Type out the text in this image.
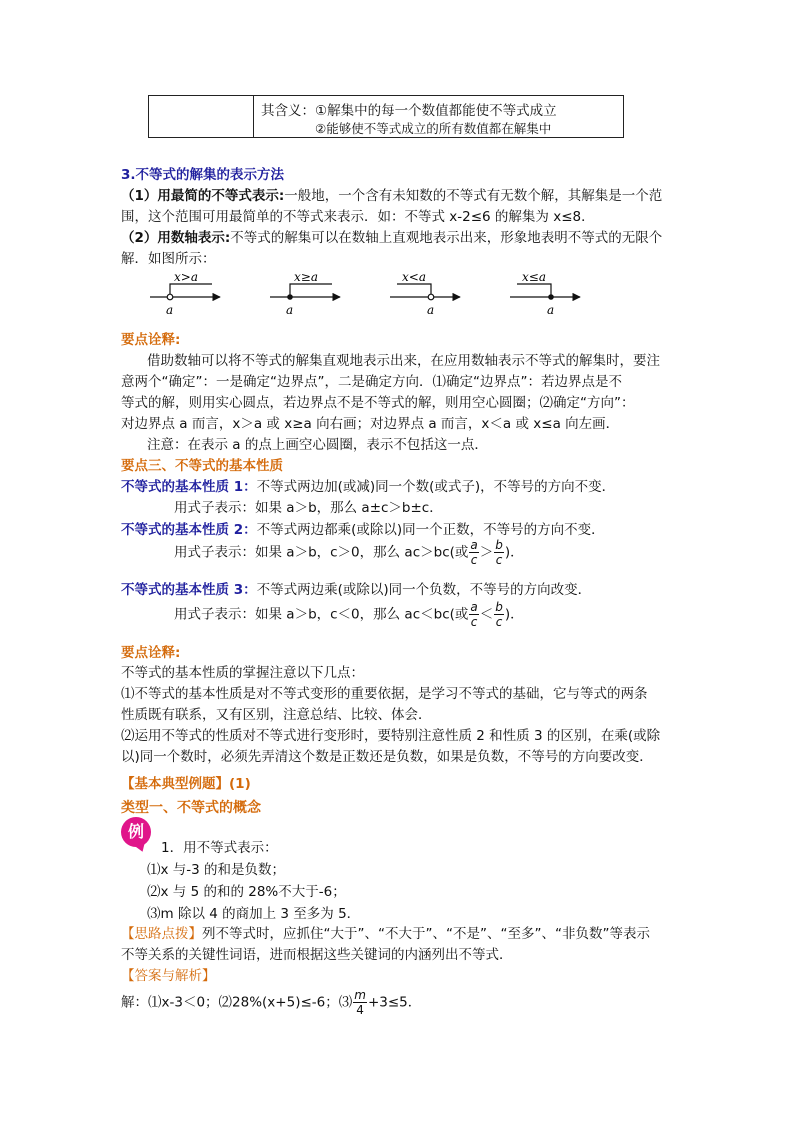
其含义：①解集中的每一个数值都能使不等式成立
②能够使不等式成立的所有数值都在解集中
3.不等式的解集的表示方法
（1）用最简的不等式表示:一般地，一个含有未知数的不等式有无数个解，其解集是一个范
围，这个范围可用最简单的不等式来表示．如：不等式 x-2≤6 的解集为 x≤8．
（2）用数轴表示:不等式的解集可以在数轴上直观地表示出来，形象地表明不等式的无限个
解．如图所示：
x>a
a
x≥a
a
x<a
a
x≤a
a
要点诠释:
借助数轴可以将不等式的解集直观地表示出来，在应用数轴表示不等式的解集时，要注
意两个“确定”：一是确定“边界点”，二是确定方向．⑴确定“边界点”：若边界点是不
等式的解，则用实心圆点，若边界点不是不等式的解，则用空心圆圈；⑵确定“方向”：
对边界点 a 而言，x＞a 或 x≥a 向右画；对边界点 a 而言，x＜a 或 x≤a 向左画．
注意：在表示 a 的点上画空心圆圈，表示不包括这一点．
要点三、不等式的基本性质
不等式的基本性质 1：不等式两边加(或减)同一个数(或式子)，不等号的方向不变．
用式子表示：如果 a＞b，那么 a±c＞b±c．
不等式的基本性质 2：不等式两边都乘(或除以)同一个正数，不等号的方向不变．
用式子表示：如果 a＞b，c＞0，那么 ac＞bc(或 $\frac{a}{c} > \frac{b}{c}$ )．
不等式的基本性质 3：不等式两边乘(或除以)同一个负数，不等号的方向改变．
用式子表示：如果 a＞b，c＜0，那么 ac＜bc(或 $\frac{a}{c} < \frac{b}{c}$ )．
要点诠释:
不等式的基本性质的掌握注意以下几点：
⑴不等式的基本性质是对不等式变形的重要依据，是学习不等式的基础，它与等式的两条
性质既有联系，又有区别，注意总结、比较、体会．
⑵运用不等式的性质对不等式进行变形时，要特别注意性质 2 和性质 3 的区别，在乘(或除
以)同一个数时，必须先弄清这个数是正数还是负数，如果是负数，不等号的方向要改变．
【基本典型例题】(1)
类型一、不等式的概念
例
1．用不等式表示：
⑴x 与-3 的和是负数；
⑵x 与 5 的和的 28%不大于-6；
⑶m 除以 4 的商加上 3 至多为 5．
【思路点拨】列不等式时，应抓住“大于”、“不大于”、“不是”、“至多”、“非负数”等表示
不等关系的关键性词语，进而根据这些关键词的内涵列出不等式．
【答案与解析】
解：⑴x-3＜0；⑵28%(x+5)≤-6；⑶ $\frac{m}{4} +3\le 5$．
